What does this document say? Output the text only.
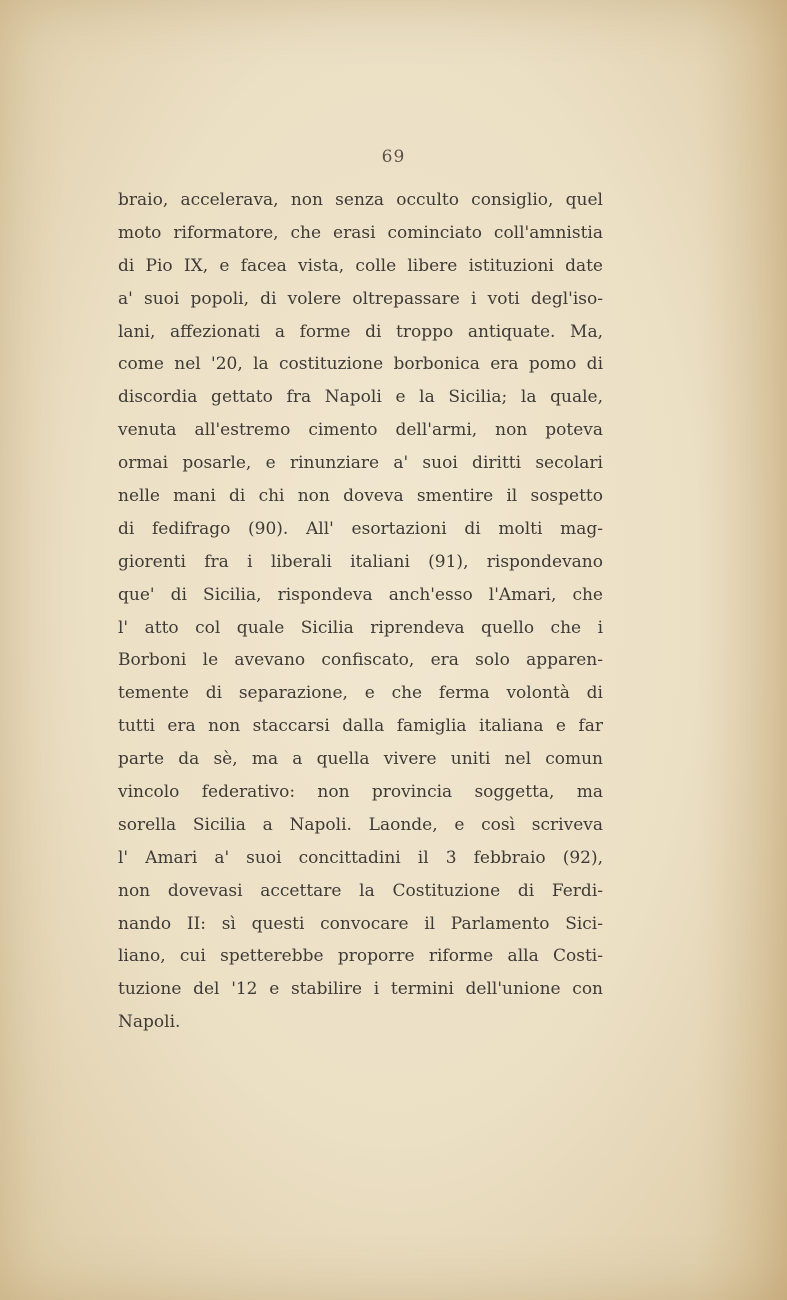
69
braio, accelerava, non senza occulto consiglio, quel
moto riformatore, che erasi cominciato coll'amnistia
di Pio IX, e facea vista, colle libere istituzioni date
a' suoi popoli, di volere oltrepassare i voti degl'iso-
lani, affezionati a forme di troppo antiquate. Ma,
come nel '20, la costituzione borbonica era pomo di
discordia gettato fra Napoli e la Sicilia; la quale,
venuta all'estremo cimento dell'armi, non poteva
ormai posarle, e rinunziare a' suoi diritti secolari
nelle mani di chi non doveva smentire il sospetto
di fedifrago (90). All' esortazioni di molti mag-
giorenti fra i liberali italiani (91), rispondevano
que' di Sicilia, rispondeva anch'esso l'Amari, che
l' atto col quale Sicilia riprendeva quello che i
Borboni le avevano confiscato, era solo apparen-
temente di separazione, e che ferma volontà di
tutti era non staccarsi dalla famiglia italiana e far
parte da sè, ma a quella vivere uniti nel comun
vincolo federativo: non provincia soggetta, ma
sorella Sicilia a Napoli. Laonde, e così scriveva
l' Amari a' suoi concittadini il 3 febbraio (92),
non dovevasi accettare la Costituzione di Ferdi-
nando II: sì questi convocare il Parlamento Sici-
liano, cui spetterebbe proporre riforme alla Costi-
tuzione del '12 e stabilire i termini dell'unione con
Napoli.
